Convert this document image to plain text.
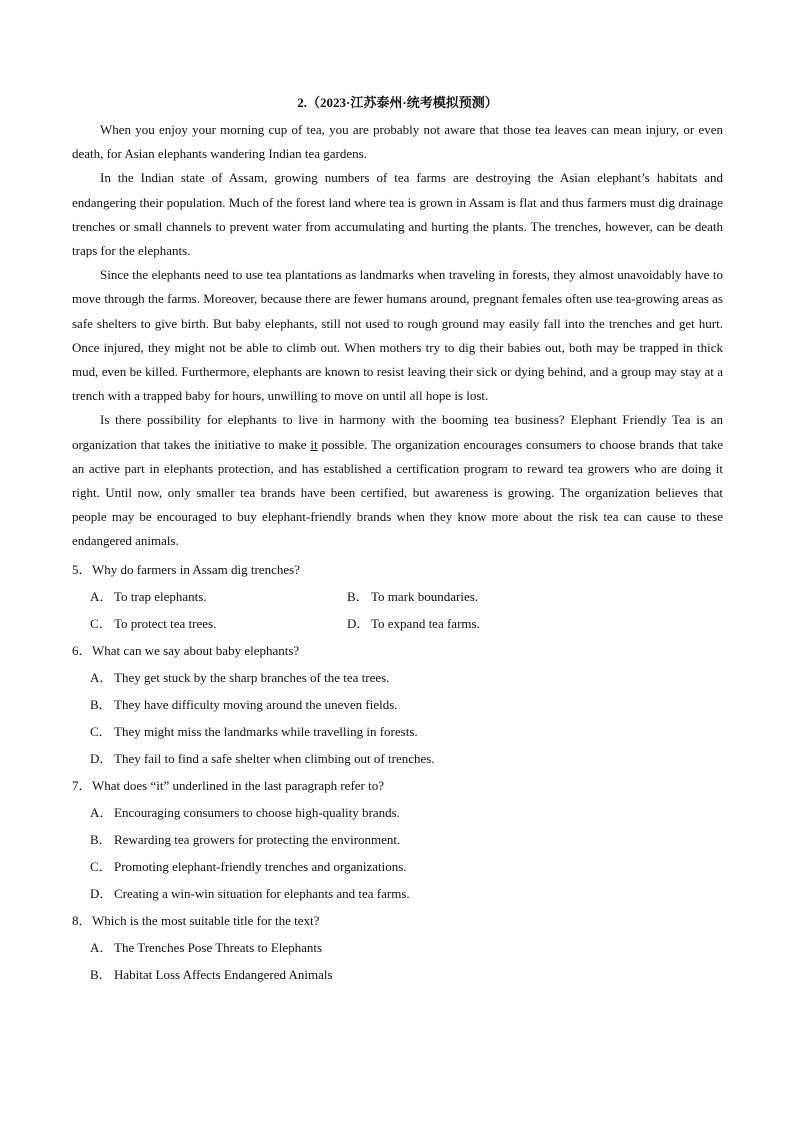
2.（2023·江苏泰州·统考模拟预测）

When you enjoy your morning cup of tea, you are probably not aware that those tea leaves can mean injury, or even death, for Asian elephants wandering Indian tea gardens.

In the Indian state of Assam, growing numbers of tea farms are destroying the Asian elephant’s habitats and endangering their population. Much of the forest land where tea is grown in Assam is flat and thus farmers must dig drainage trenches or small channels to prevent water from accumulating and hurting the plants. The trenches, however, can be death traps for the elephants.

Since the elephants need to use tea plantations as landmarks when traveling in forests, they almost unavoidably have to move through the farms. Moreover, because there are fewer humans around, pregnant females often use tea-growing areas as safe shelters to give birth. But baby elephants, still not used to rough ground may easily fall into the trenches and get hurt. Once injured, they might not be able to climb out. When mothers try to dig their babies out, both may be trapped in thick mud, even be killed. Furthermore, elephants are known to resist leaving their sick or dying behind, and a group may stay at a trench with a trapped baby for hours, unwilling to move on until all hope is lost.

Is there possibility for elephants to live in harmony with the booming tea business? Elephant Friendly Tea is an organization that takes the initiative to make it possible. The organization encourages consumers to choose brands that take an active part in elephants protection, and has established a certification program to reward tea growers who are doing it right. Until now, only smaller tea brands have been certified, but awareness is growing. The organization believes that people may be encouraged to buy elephant-friendly brands when they know more about the risk tea can cause to these endangered animals.

5．Why do farmers in Assam dig trenches?

A． To trap elephants.	B． To mark boundaries.
C． To protect tea trees.	D． To expand tea farms.

6．What can we say about baby elephants?

A． They get stuck by the sharp branches of the tea trees.
B． They have difficulty moving around the uneven fields.
C． They might miss the landmarks while travelling in forests.
D． They fail to find a safe shelter when climbing out of trenches.

7．What does “it” underlined in the last paragraph refer to?

A． Encouraging consumers to choose high-quality brands.
B． Rewarding tea growers for protecting the environment.
C． Promoting elephant-friendly trenches and organizations.
D． Creating a win-win situation for elephants and tea farms.

8．Which is the most suitable title for the text?

A． The Trenches Pose Threats to Elephants
B． Habitat Loss Affects Endangered Animals
